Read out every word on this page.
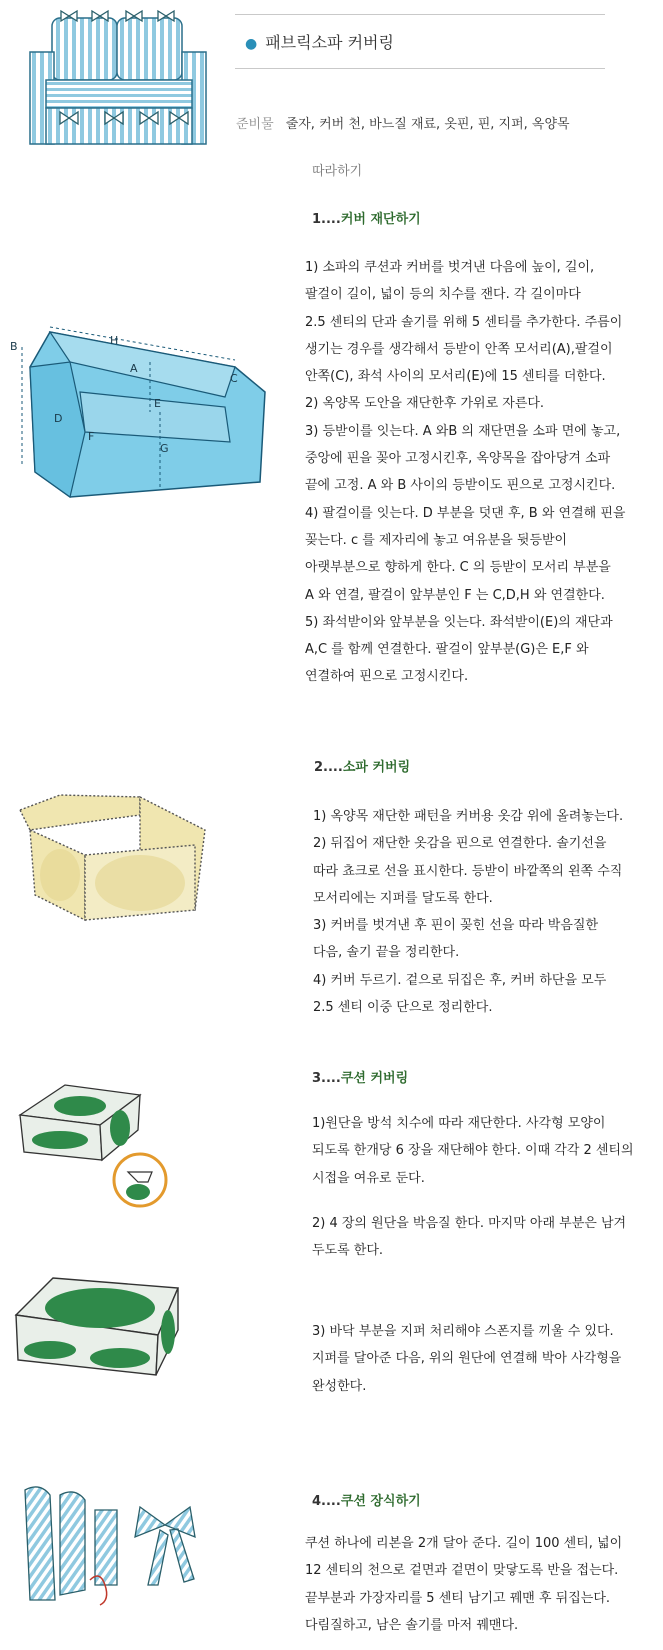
● 패브릭소파 커버링
준비물 줄자, 커버 천, 바느질 재료, 옷핀, 핀, 지퍼, 옥양목
따라하기
1....커버 재단하기
B	H
A
C
D
E
F
G

1) 소파의 쿠션과 커버를 벗겨낸 다음에 높이, 길이,

팔걸이 길이, 넓이 등의 치수를 잰다. 각 길이마다

2.5 센티의 단과 솔기를 위해 5 센티를 추가한다. 주름이

생기는 경우를 생각해서 등받이 안쪽 모서리(A),팔걸이

안쪽(C), 좌석 사이의 모서리(E)에 15 센티를 더한다.

2) 옥양목 도안을 재단한후 가위로 자른다.

3) 등받이를 잇는다. A 와B 의 재단면을 소파 면에 놓고,

중앙에 핀을 꽂아 고정시킨후, 옥양목을 잡아당겨 소파

끝에 고정. A 와 B 사이의 등받이도 핀으로 고정시킨다.

4) 팔걸이를 잇는다. D 부분을 덧댄 후, B 와 연결해 핀을

꽂는다. c 를 제자리에 놓고 여유분을 뒷등받이

아랫부분으로 향하게 한다. C 의 등받이 모서리 부분을

A 와 연결, 팔걸이 앞부분인 F 는 C,D,H 와 연결한다.

5) 좌석받이와 앞부분을 잇는다. 좌석받이(E)의 재단과

A,C 를 함께 연결한다. 팔걸이 앞부분(G)은 E,F 와

연결하여 핀으로 고정시킨다.

2....소파 커버링

1) 옥양목 재단한 패턴을 커버용 옷감 위에 올려놓는다.

2) 뒤집어 재단한 옷감을 핀으로 연결한다. 솔기선을

따라 쵸크로 선을 표시한다. 등받이 바깥쪽의 왼쪽 수직

모서리에는 지퍼를 달도록 한다.

3) 커버를 벗겨낸 후 핀이 꽂힌 선을 따라 박음질한

다음, 솔기 끝을 정리한다.

4) 커버 두르기. 겉으로 뒤집은 후, 커버 하단을 모두

2.5 센티 이중 단으로 정리한다.

3....쿠션 커버링

1)원단을 방석 치수에 따라 재단한다. 사각형 모양이

되도록 한개당 6 장을 재단해야 한다. 이때 각각 2 센티의

시접을 여유로 둔다.

2) 4 장의 원단을 박음질 한다. 마지막 아래 부분은 남겨

두도록 한다.

3) 바닥 부분을 지퍼 처리해야 스폰지를 끼울 수 있다.

지퍼를 달아준 다음, 위의 원단에 연결해 박아 사각형을

완성한다.

4....쿠션 장식하기

쿠션 하나에 리본을 2개 달아 준다. 길이 100 센티, 넓이

12 센티의 천으로 겉면과 겉면이 맞닿도록 반을 접는다.

끝부분과 가장자리를 5 센티 남기고 꿰맨 후 뒤집는다.

다림질하고, 남은 솔기를 마저 꿰맨다.
